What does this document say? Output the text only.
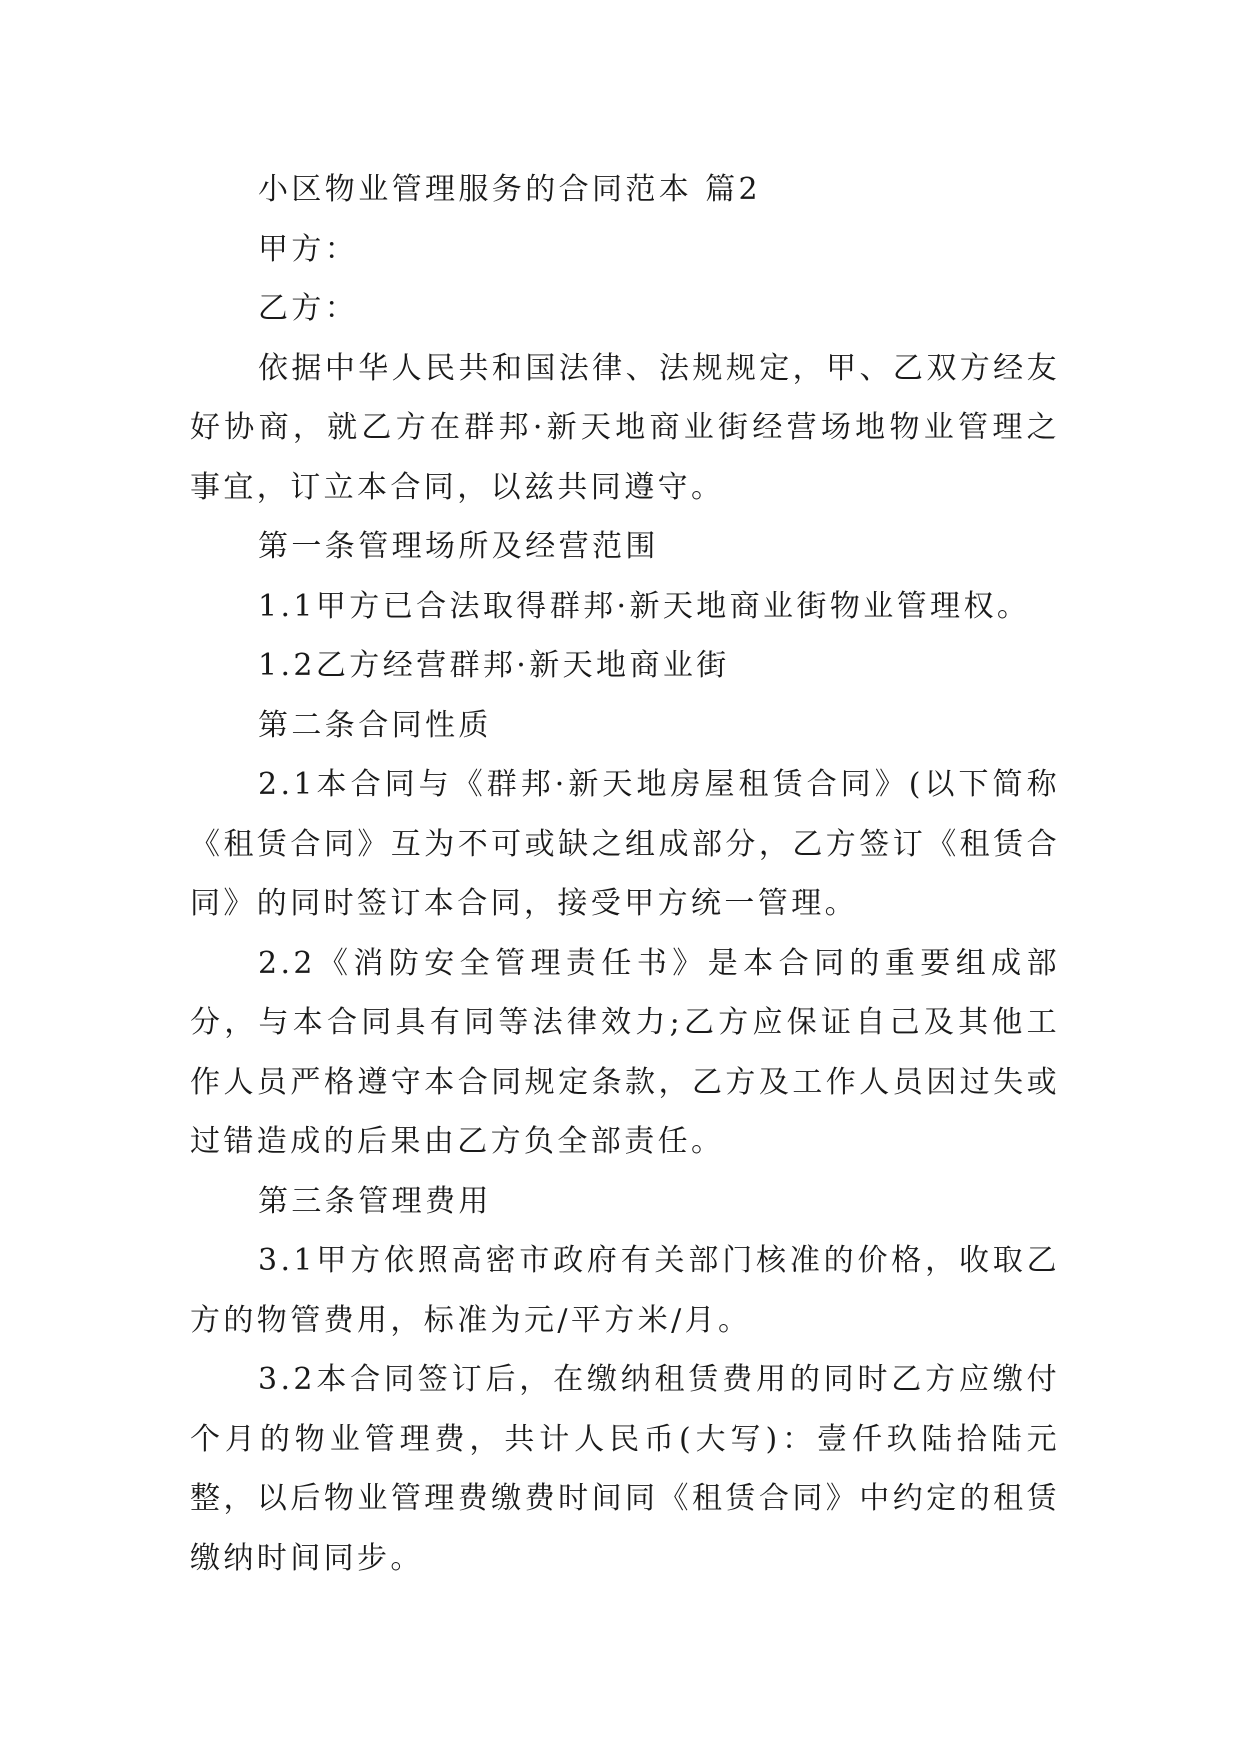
小区物业管理服务的合同范本 篇2

甲方：

乙方：

依据中华人民共和国法律、法规规定，甲、乙双方经友好协商，就乙方在群邦·新天地商业街经营场地物业管理之事宜，订立本合同，以兹共同遵守。

第一条管理场所及经营范围

1.1甲方已合法取得群邦·新天地商业街物业管理权。

1.2乙方经营群邦·新天地商业街

第二条合同性质

2.1本合同与《群邦·新天地房屋租赁合同》(以下简称《租赁合同》互为不可或缺之组成部分，乙方签订《租赁合同》的同时签订本合同，接受甲方统一管理。

2.2《消防安全管理责任书》是本合同的重要组成部分，与本合同具有同等法律效力;乙方应保证自己及其他工作人员严格遵守本合同规定条款，乙方及工作人员因过失或过错造成的后果由乙方负全部责任。

第三条管理费用

3.1甲方依照高密市政府有关部门核准的价格，收取乙方的物管费用，标准为元/平方米/月。

3.2本合同签订后，在缴纳租赁费用的同时乙方应缴付个月的物业管理费，共计人民币(大写)：壹仟玖陆拾陆元整，以后物业管理费缴费时间同《租赁合同》中约定的租赁缴纳时间同步。
